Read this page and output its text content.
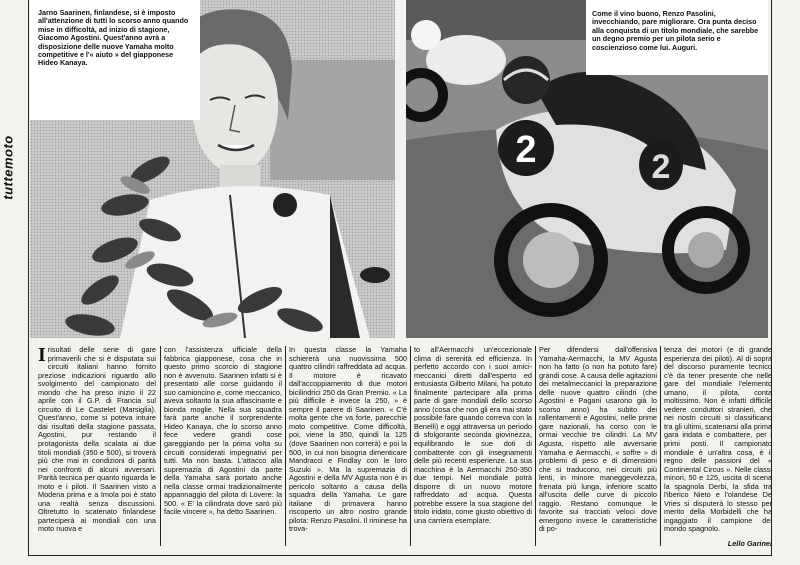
tuttemoto
Jarno Saarinen, finlandese, si è imposto all'attenzione di tutti lo scorso anno quando mise in difficoltà, ad inizio di stagione, Giacomo Agostini. Quest'anno avrà a disposizione delle nuove Yamaha molto competitive e l'« aiuto » del giapponese Hideo Kanaya.
2	2
Come il vino buono, Renzo Pasolini, invecchiando, pare migliorare. Ora punta deciso alla conquista di un titolo mondiale, che sarebbe un degno premio per un pilota serio e coscienzioso come lui. Auguri.

Irisultati delle serie di gare primaverili che si è disputata sui circuiti italiani hanno fornito preziose indicazioni riguardo allo svolgimento del campionato del mondo che ha preso inizio il 22 aprile con il G.P. di Francia sul circuito di Le Castelet (Marsiglia). Quest'anno, come si poteva intuire dai risultati della stagione passata, Agostini, pur restando il protagonista della scalata ai due titoli mondiali (350 e 500), si troverà più che mai in condizioni di parità nei confronti di alcuni avversari. Parità tecnica per quanto riguarda le moto e i piloti. Il Saarinen visto a Modena prima e a Imola poi è stato una realtà senza discussioni. Oltretutto lo scatenato finlandese parteciperà ai mondiali con una moto nuova e

con l'assistenza ufficiale della fabbrica giapponese, cosa che in questo primo scorcio di stagione non è avvenuto. Saarinen infatti si è presentato alle corse guidando il suo camioncino e, come meccanico, aveva soltanto la sua affascinante e bionda moglie. Nella sua squadra farà parte anche il sorprendente Hideo Kanaya, che lo scorso anno fece vedere grandi cose gareggiando per la prima volta su circuiti considerati impegnativi per tutti. Ma non basta. L'attacco alla supremazia di Agostini da parte della Yamaha sarà portato anche nella classe ormai tradizionalmente appannaggio del pilota di Lovere: la 500. « E' la cilindrata dove sarò più facile vincere », ha detto Saarinen.

In questa classe la Yamaha schiererà una nuovissima 500 quattro cilindri raffreddata ad acqua. Il motore è ricavato dall'accoppiamento di due motori bicilindrici 250 da Gran Premio. « La più difficile è invece la 250, » è sempre il parere di Saarinen. « C'è molta gente che va forte, parecchie moto competitive. Come difficoltà, poi, viene la 350, quindi la 125 (dove Saarinen non correrà) e poi la 500, in cui non bisogna dimenticare Mandracci e Findlay con le loro Suzuki ». Ma la supremazia di Agostini e della MV Agusta non è in pericolo soltanto a causa della squadra della Yamaha. Le gare italiane di primavera hanno riscoperto un altro nostro grande pilota: Renzo Pasolini. Il riminese ha trova-

to all'Aermacchi un'eccezionale clima di serenità ed efficienza. In perfetto accordo con i suoi amici-meccanici diretti dall'esperto ed entusiasta Gilberto Milani, ha potuto finalmente partecipare alla prima parte di gare mondiali dello scorso anno (cosa che non gli era mai stato possibile fare quando correva con la Benelli) e oggi attraversa un periodo di sfolgorante seconda giovinezza, equilibrando le sue doti di combattente con gli insegnamenti delle più recenti esperienze. La sua macchina è la Aermacchi 250-350 due tempi. Nel mondiale potrà disporre di un nuovo motore raffreddato ad acqua. Questa potrebbe essere la sua stagione del titolo iridato, come giusto obiettivo di una carriera esemplare.

Per difendersi dall'offensiva Yamaha-Aermacchi, la MV Agusta non ha fatto (o non ha potuto fare) grandi cose. A causa delle agitazioni dei metalmeccanici la preparazione delle nuove quattro cilindri (che Agostini e Pagani usarono già lo scorso anno) ha subito dei rallentamenti e Agostini, nelle prime gare nazionali, ha corso con le ormai vecchie tre cilindri. La MV Agusta, rispetto alle avversarie Yamaha e Aermacchi, « soffre » di problemi di peso e di dimensioni che si traducono, nei circuiti più lenti, in minore maneggevolezza, frenata più lunga, inferiore scatto all'uscita delle curve di piccolo raggio. Restano comunque le favorite sui tracciati veloci dove emergono invece le caratteristiche di po-

tenza dei motori (e di grande esperienza dei piloti). Al di sopra del discorso puramente tecnico c'è da tener presente che nelle gare del mondiale l'elemento umano, il pilota, conta moltissimo. Non è infatti difficile vedere conduttori stranieri, che nei nostri circuiti si classificano tra gli ultimi, scatenarsi alla prima gara iridata e combattere, per i primi posti. Il campionato mondiale è un'altra cosa, è il regno delle passioni del « Continental Circus ». Nelle classi minori, 50 e 125, uscita di scena la spagnola Derbi, la sfida tra l'iberico Nieto e l'olandese De Vries si disputerà lo stesso per merito della Morbidelli che ha ingaggiato il campione del mondo spagnolo.

Lello Garinei
